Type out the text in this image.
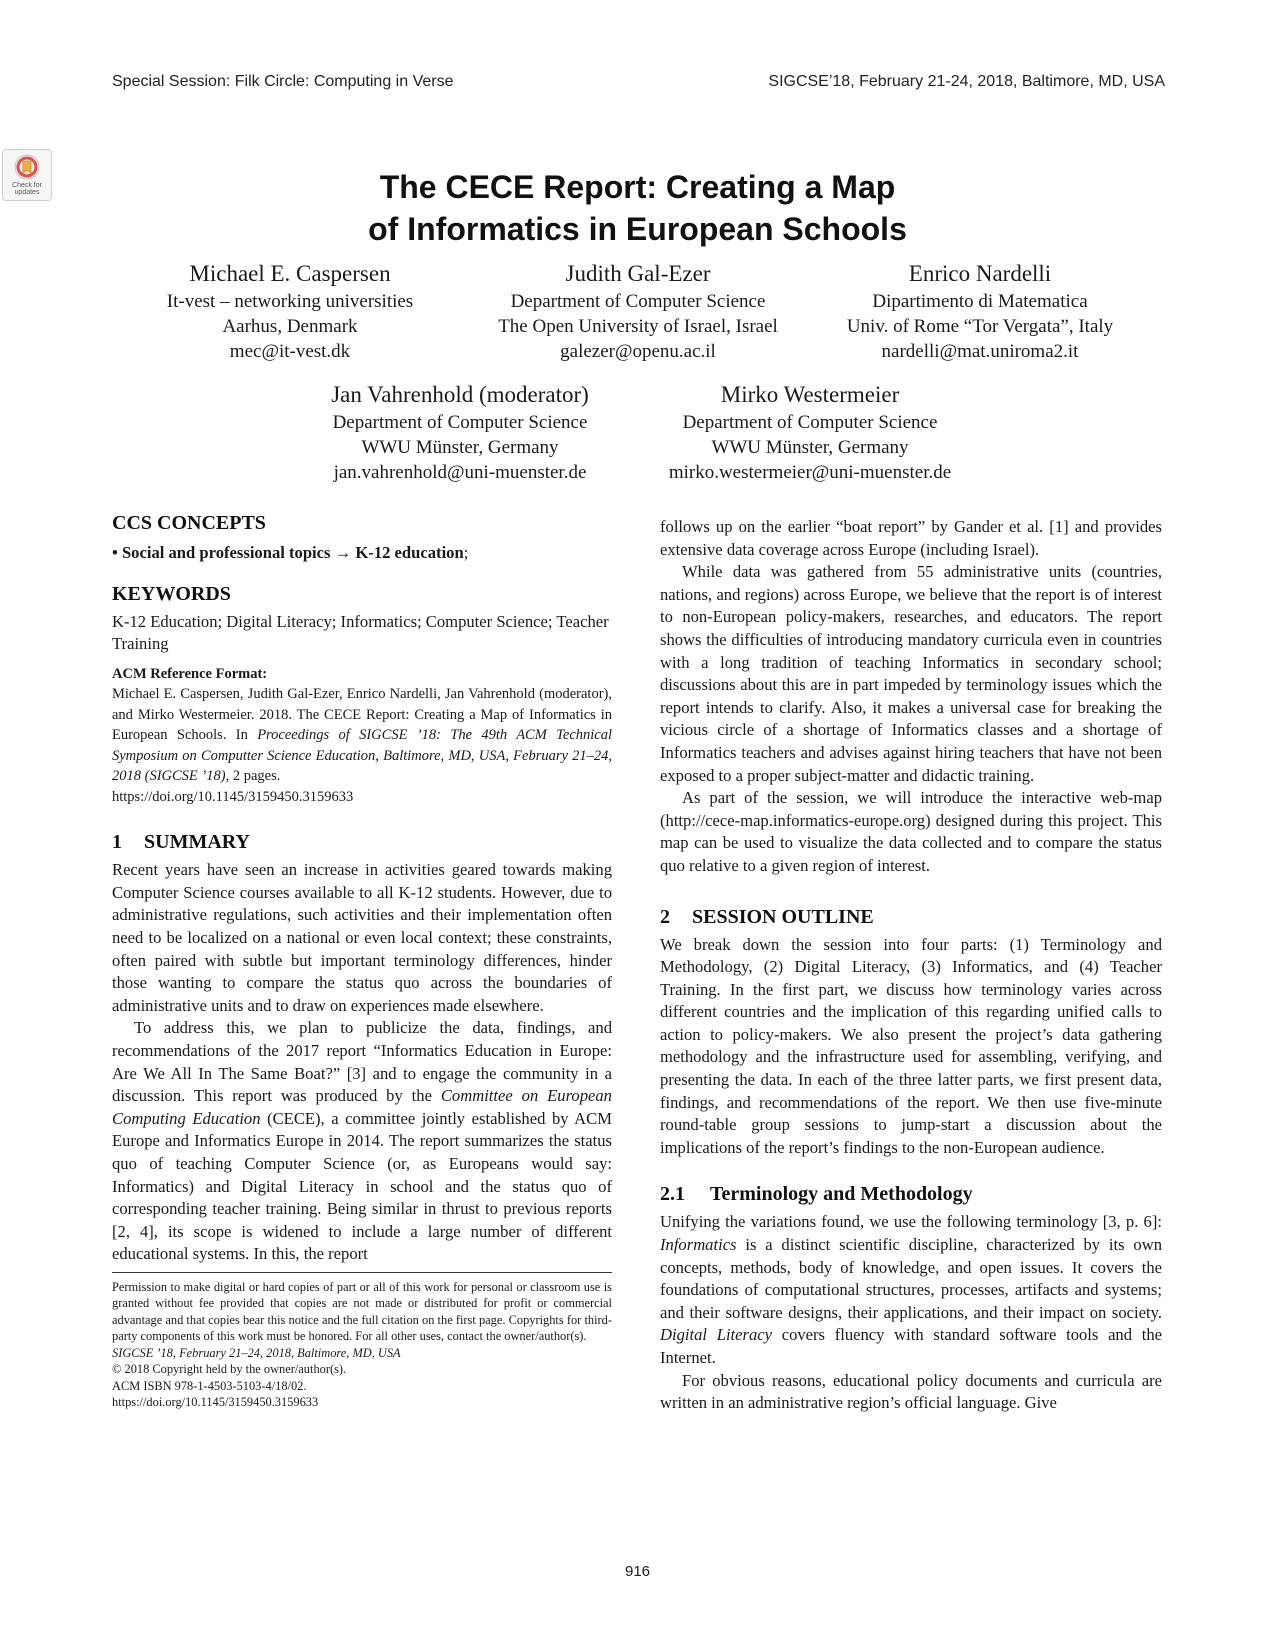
Special Session: Filk Circle: Computing in Verse	SIGCSE’18, February 21-24, 2018, Baltimore, MD, USA
Check for updates	The CECE Report: Creating a Map
of Informatics in European Schools
Michael E. Caspersen
It-vest – networking universities
Aarhus, Denmark
mec@it-vest.dk
Judith Gal-Ezer
Department of Computer Science
The Open University of Israel, Israel
galezer@openu.ac.il
Enrico Nardelli
Dipartimento di Matematica
Univ. of Rome “Tor Vergata”, Italy
nardelli@mat.uniroma2.it
Jan Vahrenhold (moderator)
Department of Computer Science
WWU Münster, Germany
jan.vahrenhold@uni-muenster.de
Mirko Westermeier
Department of Computer Science
WWU Münster, Germany
mirko.westermeier@uni-muenster.de
CCS CONCEPTS

• Social and professional topics → K-12 education;

KEYWORDS

K-12 Education; Digital Literacy; Informatics; Computer Science; Teacher Training

ACM Reference Format:

Michael E. Caspersen, Judith Gal-Ezer, Enrico Nardelli, Jan Vahrenhold (moderator), and Mirko Westermeier. 2018. The CECE Report: Creating a Map of Informatics in European Schools. In Proceedings of SIGCSE ’18: The 49th ACM Technical Symposium on Computter Science Education, Baltimore, MD, USA, February 21–24, 2018 (SIGCSE ’18), 2 pages.
https://doi.org/10.1145/3159450.3159633

1 SUMMARY

Recent years have seen an increase in activities geared towards making Computer Science courses available to all K-12 students. However, due to administrative regulations, such activities and their implementation often need to be localized on a national or even local context; these constraints, often paired with subtle but important terminology differences, hinder those wanting to compare the status quo across the boundaries of administrative units and to draw on experiences made elsewhere.

To address this, we plan to publicize the data, findings, and recommendations of the 2017 report “Informatics Education in Europe: Are We All In The Same Boat?” [3] and to engage the community in a discussion. This report was produced by the Committee on European Computing Education (CECE), a committee jointly established by ACM Europe and Informatics Europe in 2014. The report summarizes the status quo of teaching Computer Science (or, as Europeans would say: Informatics) and Digital Literacy in school and the status quo of corresponding teacher training. Being similar in thrust to previous reports [2, 4], its scope is widened to include a large number of different educational systems. In this, the report

Permission to make digital or hard copies of part or all of this work for personal or classroom use is granted without fee provided that copies are not made or distributed for profit or commercial advantage and that copies bear this notice and the full citation on the first page. Copyrights for third-party components of this work must be honored. For all other uses, contact the owner/author(s).

SIGCSE ’18, February 21–24, 2018, Baltimore, MD, USA

© 2018 Copyright held by the owner/author(s).

ACM ISBN 978-1-4503-5103-4/18/02.

https://doi.org/10.1145/3159450.3159633

follows up on the earlier “boat report” by Gander et al. [1] and provides extensive data coverage across Europe (including Israel).

While data was gathered from 55 administrative units (countries, nations, and regions) across Europe, we believe that the report is of interest to non-European policy-makers, researches, and educators. The report shows the difficulties of introducing mandatory curricula even in countries with a long tradition of teaching Informatics in secondary school; discussions about this are in part impeded by terminology issues which the report intends to clarify. Also, it makes a universal case for breaking the vicious circle of a shortage of Informatics classes and a shortage of Informatics teachers and advises against hiring teachers that have not been exposed to a proper subject-matter and didactic training.

As part of the session, we will introduce the interactive web-map (http://cece-map.informatics-europe.org) designed during this project. This map can be used to visualize the data collected and to compare the status quo relative to a given region of interest.

2 SESSION OUTLINE

We break down the session into four parts: (1) Terminology and Methodology, (2) Digital Literacy, (3) Informatics, and (4) Teacher Training. In the first part, we discuss how terminology varies across different countries and the implication of this regarding unified calls to action to policy-makers. We also present the project’s data gathering methodology and the infrastructure used for assembling, verifying, and presenting the data. In each of the three latter parts, we first present data, findings, and recommendations of the report. We then use five-minute round-table group sessions to jump-start a discussion about the implications of the report’s findings to the non-European audience.

2.1 Terminology and Methodology

Unifying the variations found, we use the following terminology [3, p. 6]: Informatics is a distinct scientific discipline, characterized by its own concepts, methods, body of knowledge, and open issues. It covers the foundations of computational structures, processes, artifacts and systems; and their software designs, their applications, and their impact on society. Digital Literacy covers fluency with standard software tools and the Internet.

For obvious reasons, educational policy documents and curricula are written in an administrative region’s official language. Give

916
